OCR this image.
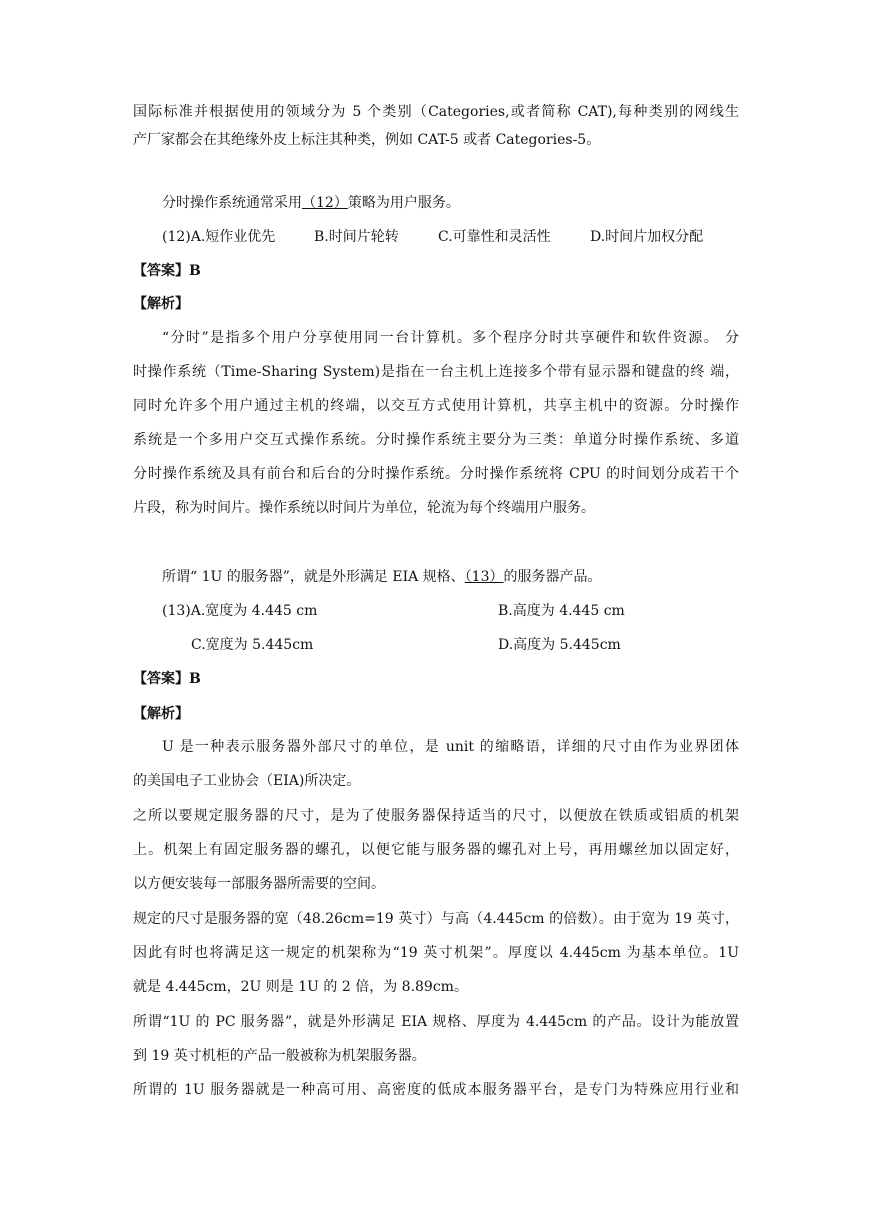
国际标准并根据使用的领域分为 5 个类别（Categories,或者简称 CAT),每种类别的网线生
产厂家都会在其绝缘外皮上标注其种类，例如 CAT-5 或者 Categories-5。
分时操作系统通常采用（12）策略为用户服务。
(12)A.短作业优先	B.时间片轮转	C.可靠性和灵活性	D.时间片加权分配
【答案】B
【解析】
“分时”是指多个用户分享使用同一台计算机。多个程序分时共享硬件和软件资源。 分
时操作系统（Time-Sharing System)是指在一台主机上连接多个带有显示器和键盘的终 端，
同时允许多个用户通过主机的终端，以交互方式使用计算机，共享主机中的资源。分时操作
系统是一个多用户交互式操作系统。分时操作系统主要分为三类：单道分时操作系统、多道
分时操作系统及具有前台和后台的分时操作系统。分时操作系统将 CPU 的时间划分成若干个
片段，称为时间片。操作系统以时间片为单位，轮流为每个终端用户服务。
所谓“ 1U 的服务器”，就是外形满足 EIA 规格、（13）的服务器产品。
(13)A.宽度为 4.445 cm	B.高度为 4.445 cm
C.宽度为 5.445cm	D.高度为 5.445cm
【答案】B
【解析】
U 是一种表示服务器外部尺寸的单位，是 unit 的缩略语，详细的尺寸由作为业界团体
的美国电子工业协会（EIA)所决定。
之所以要规定服务器的尺寸，是为了使服务器保持适当的尺寸，以便放在铁质或铝质的机架
上。机架上有固定服务器的螺孔，以便它能与服务器的螺孔对上号，再用螺丝加以固定好，
以方便安装每一部服务器所需要的空间。
规定的尺寸是服务器的宽（48.26cm=19 英寸）与高（4.445cm 的倍数）。由于宽为 19 英寸，
因此有时也将满足这一规定的机架称为“19 英寸机架”。厚度以 4.445cm 为基本单位。1U
就是 4.445cm，2U 则是 1U 的 2 倍，为 8.89cm。
所谓“1U 的 PC 服务器”，就是外形满足 EIA 规格、厚度为 4.445cm 的产品。设计为能放置
到 19 英寸机柜的产品一般被称为机架服务器。
所谓的 1U 服务器就是一种高可用、高密度的低成本服务器平台，是专门为特殊应用行业和
